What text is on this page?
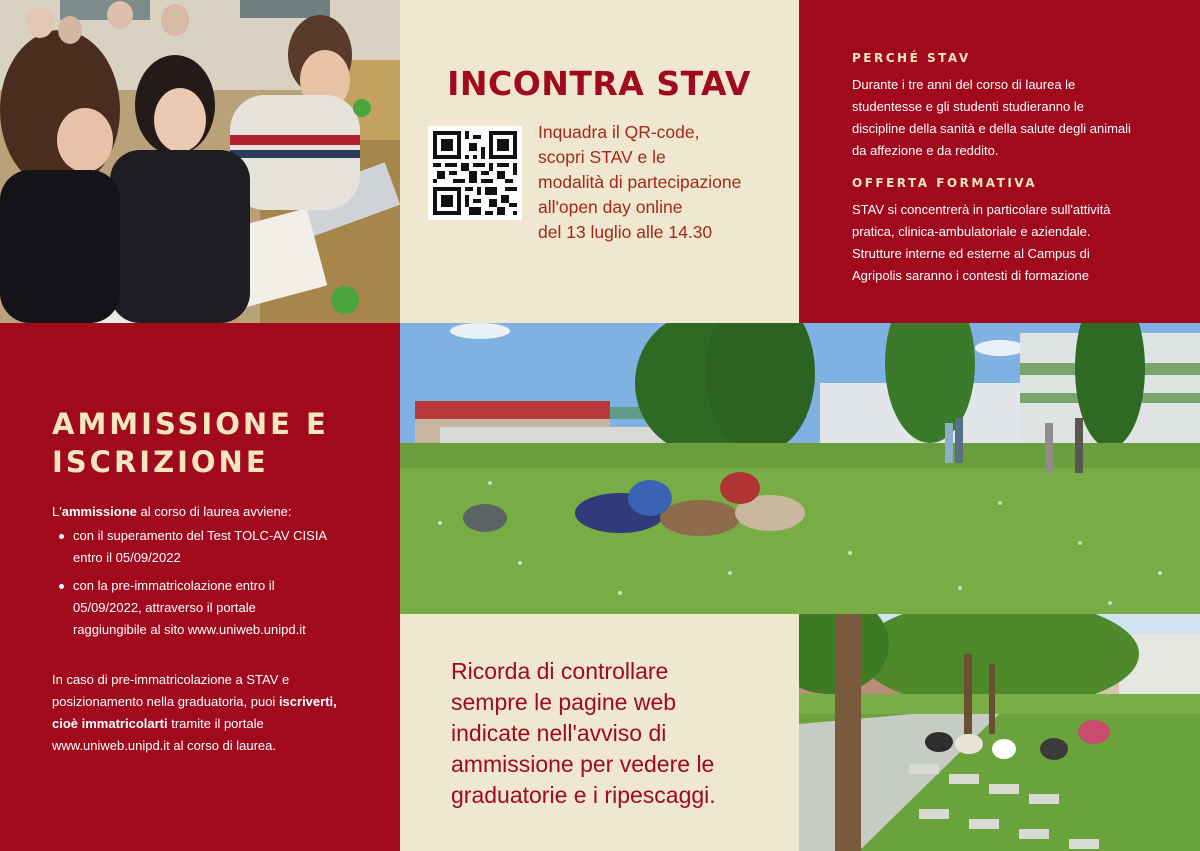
INCONTRA STAV
Inquadra il QR-code,
scopri STAV e le
modalità di partecipazione
all'open day online
del 13 luglio alle 14.30
PERCHÉ STAV
Durante i tre anni del corso di laurea le
studentesse e gli studenti studieranno le
discipline della sanità e della salute degli animali
da affezione e da reddito.
OFFERTA FORMATIVA
STAV si concentrerà in particolare sull'attività
pratica, clinica-ambulatoriale e aziendale.
Strutture interne ed esterne al Campus di
Agripolis saranno i contesti di formazione
AMMISSIONE E
ISCRIZIONE
L'ammissione al corso di laurea avviene:
con il superamento del Test TOLC-AV CISIA
entro il 05/09/2022
con la pre-immatricolazione entro il
05/09/2022, attraverso il portale
raggiungibile al sito www.uniweb.unipd.it
In caso di pre-immatricolazione a STAV e
posizionamento nella graduatoria, puoi iscriverti,
cioè immatricolarti tramite il portale
www.uniweb.unipd.it al corso di laurea.
Ricorda di controllare
sempre le pagine web
indicate nell'avviso di
ammissione per vedere le
graduatorie e i ripescaggi.
